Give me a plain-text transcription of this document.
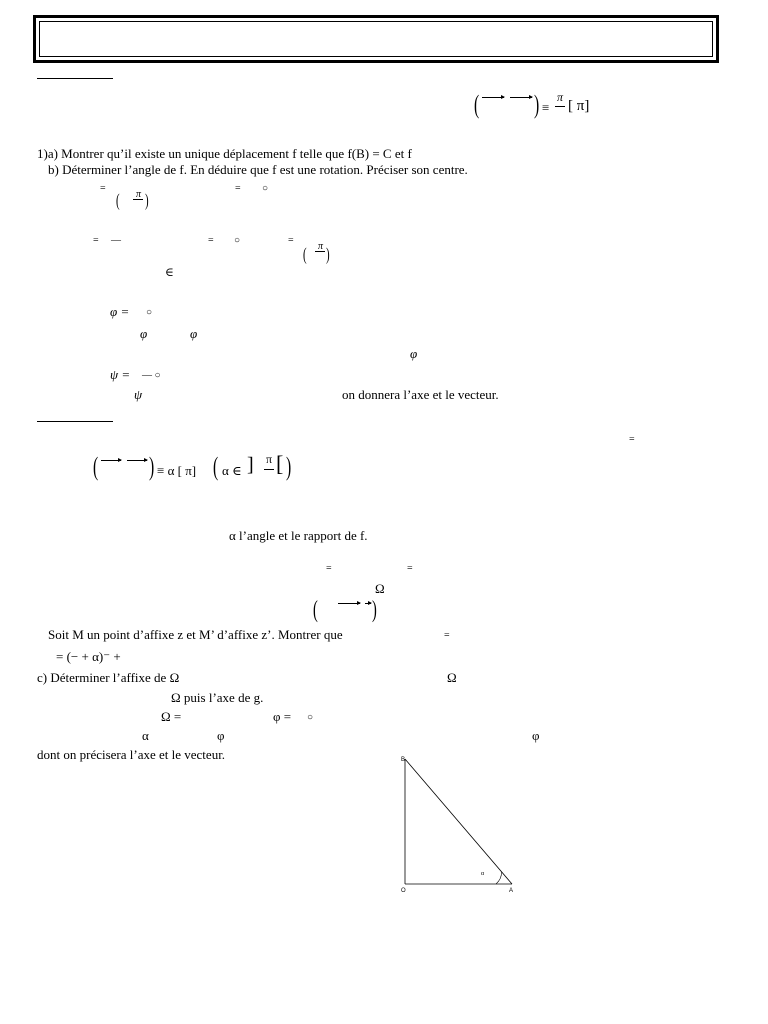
( ) ≡
π
[ π]
1)a) Montrer qu’il existe un unique déplacement f telle que f(B) = C et f
b) Déterminer l’angle de f. En déduire que f est une rotation. Préciser son centre.
=
( π )
= ○
= —	= ○	=
( π )
∈
φ = ○
φ	φ
φ
ψ = — ○
ψ	on donnera l’axe et le vecteur.
=
( ) ≡ α [ π] ( α ∈ ] π [ )
α l’angle et le rapport de f.
=	=
Ω
( )
Soit M un point d’affixe z et M’ d’affixe z’. Montrer que	=
= (− + α)⁻ +
c) Déterminer l’affixe de Ω	Ω
Ω puis l’axe de g.
Ω =	φ = ○
α	φ	φ
dont on précisera l’axe et le vecteur.	B
O	A
α
